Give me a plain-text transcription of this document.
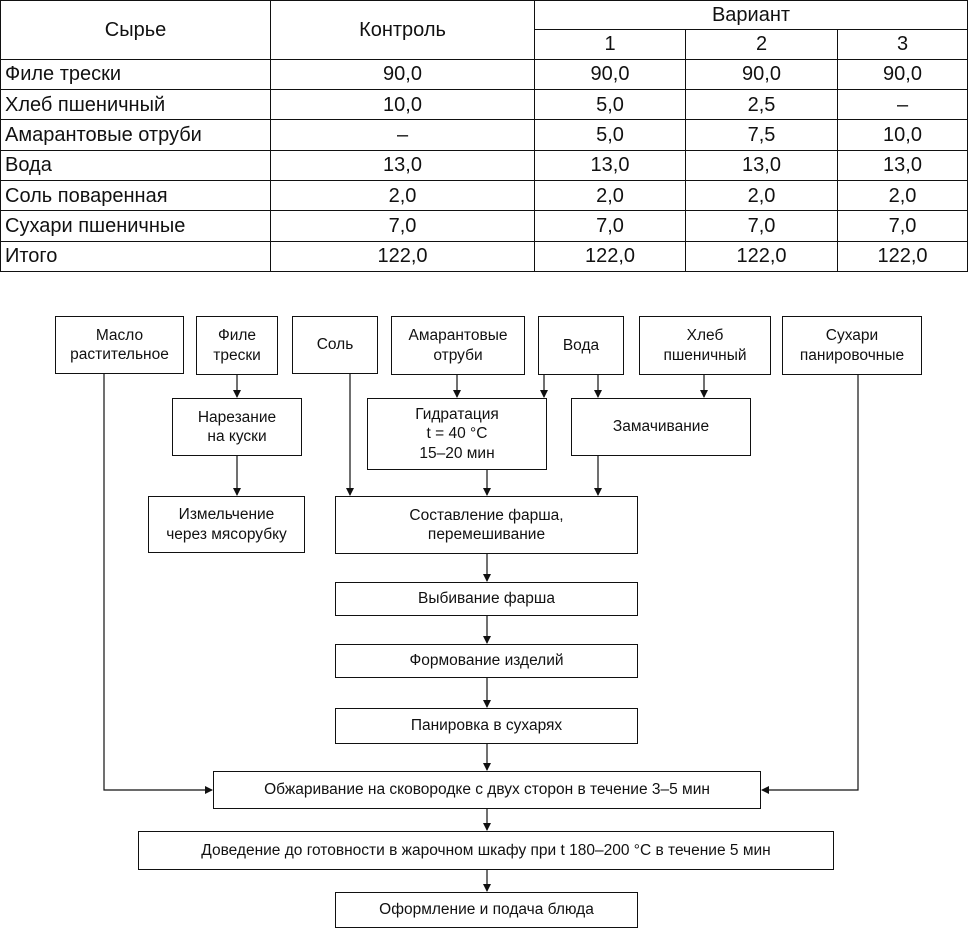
Сырье	Контроль	Вариант		
		1	2	3
Филе трески	90,0	90,0	90,0	90,0
Хлеб пшеничный	10,0	5,0	2,5	–
Амарантовые отруби	–	5,0	7,5	10,0
Вода	13,0	13,0	13,0	13,0
Соль поваренная	2,0	2,0	2,0	2,0
Сухари пшеничные	7,0	7,0	7,0	7,0
Итого	122,0	122,0	122,0	122,0
Масло
растительное
Филе
трески
Соль
Амарантовые
отруби
Вода
Хлеб
пшеничный
Сухари
панировочные
Нарезание
на куски
Гидратация
t = 40 °С
15–20 мин
Замачивание
Измельчение
через мясорубку
Составление фарша,
перемешивание
Выбивание фарша
Формование изделий
Панировка в сухарях
Обжаривание на сковородке с двух сторон в течение 3–5 мин
Доведение до готовности в жарочном шкафу при t 180–200 °С в течение 5 мин
Оформление и подача блюда
